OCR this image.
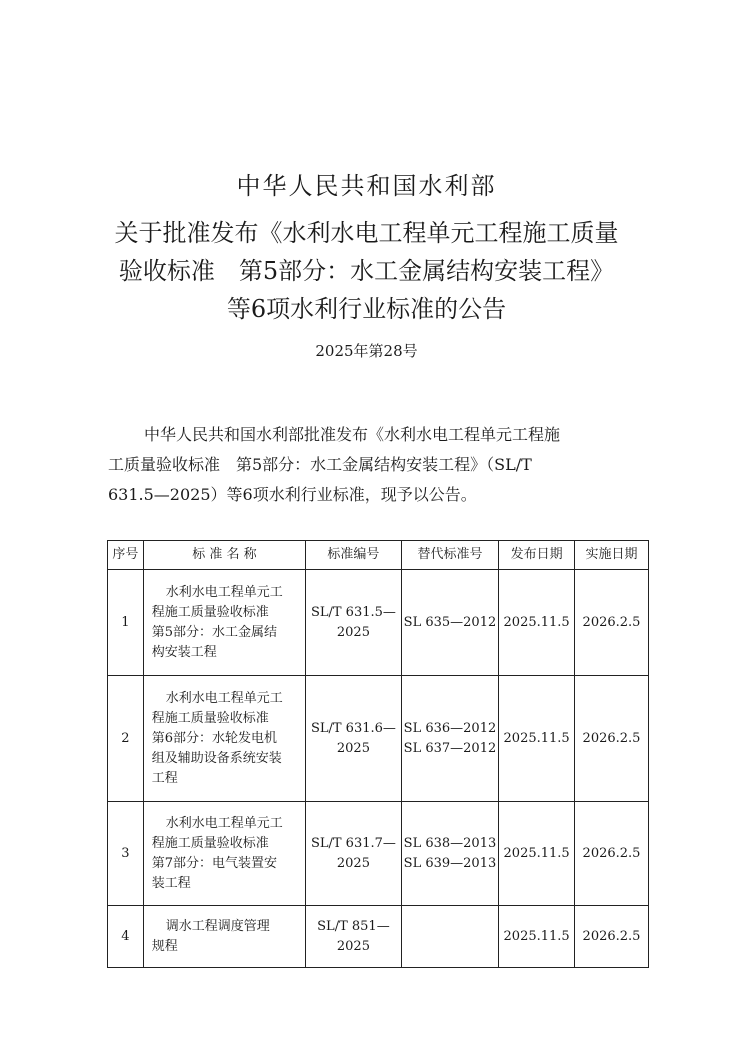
中华人民共和国水利部
关于批准发布《水利水电工程单元工程施工质量
验收标准　第5部分：水工金属结构安装工程》
等6项水利行业标准的公告
2025年第28号
中华人民共和国水利部批准发布《水利水电工程单元工程施
工质量验收标准　第5部分：水工金属结构安装工程》（SL/T
631.5—2025）等6项水利行业标准，现予以公告。
序号	标 准 名 称	标准编号	替代标准号	发布日期	实施日期
1	水利水电工程单元工
程施工质量验收标准
第5部分：水工金属结
构安装工程	SL/T 631.5—
2025	SL 635—2012	2025.11.5	2026.2.5
2	水利水电工程单元工
程施工质量验收标准
第6部分：水轮发电机
组及辅助设备系统安装
工程	SL/T 631.6—
2025	SL 636—2012
SL 637—2012	2025.11.5	2026.2.5
3	水利水电工程单元工
程施工质量验收标准
第7部分：电气装置安
装工程	SL/T 631.7—
2025	SL 638—2013
SL 639—2013	2025.11.5	2026.2.5
4	调水工程调度管理
规程	SL/T 851—
2025		2025.11.5	2026.2.5
